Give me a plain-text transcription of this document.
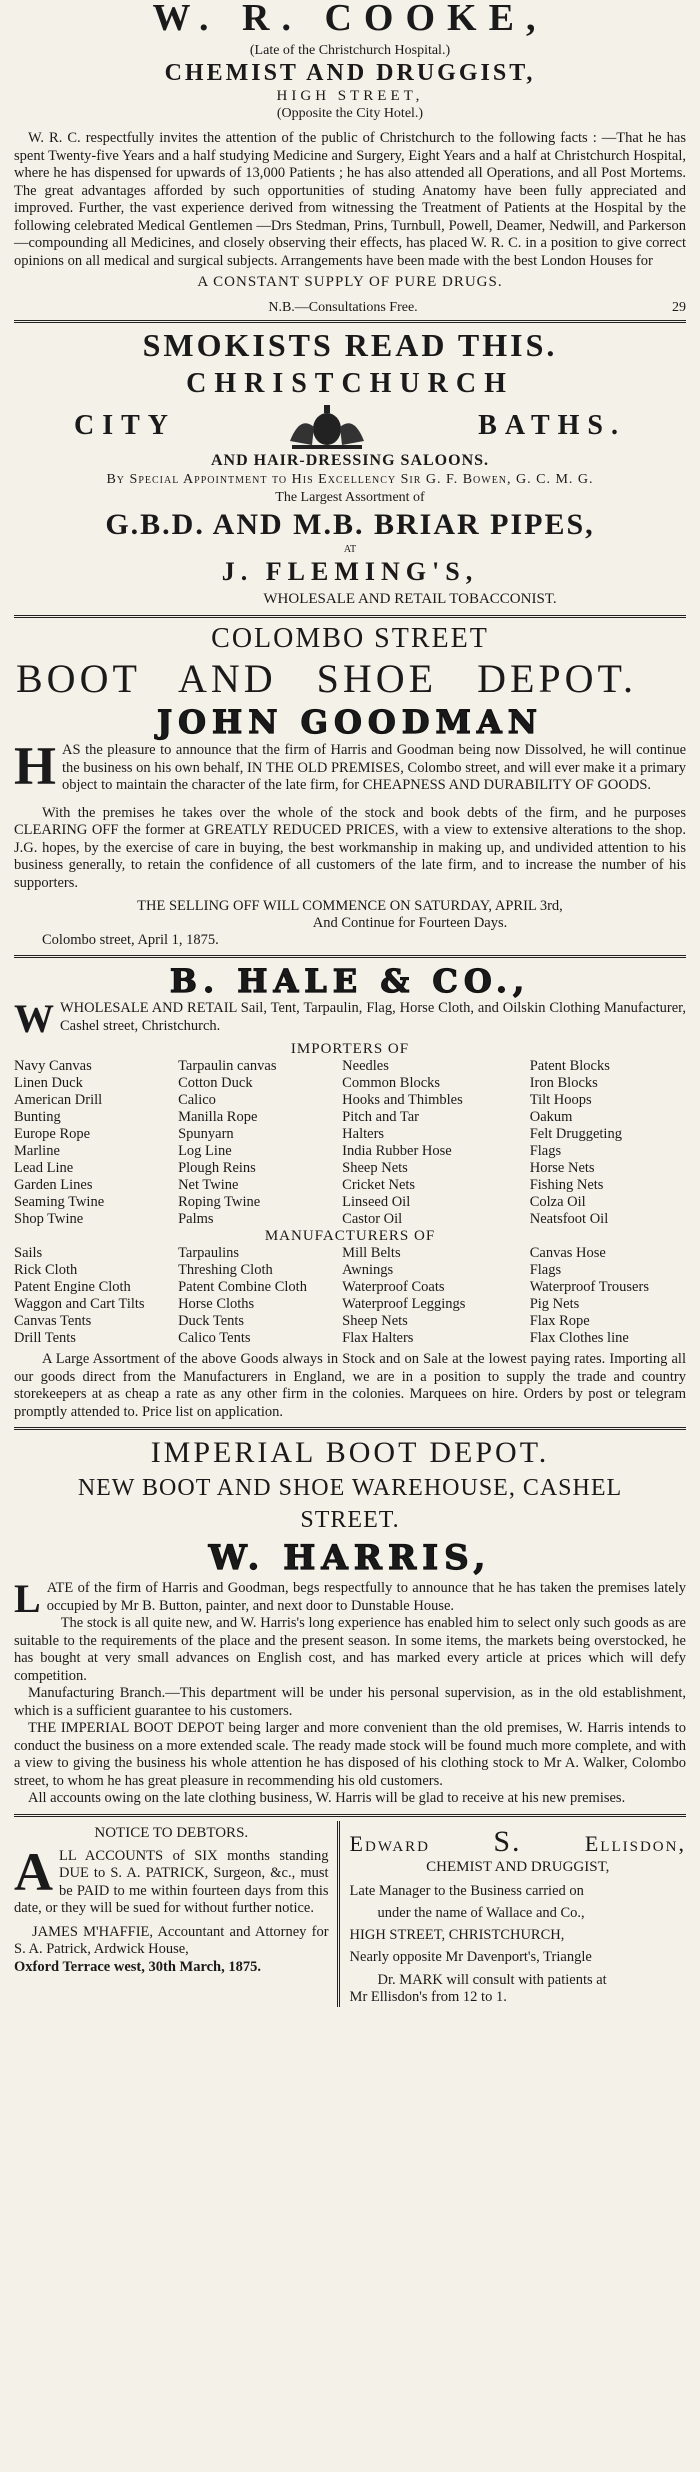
W. R. COOKE,
(Late of the Christchurch Hospital.)
CHEMIST AND DRUGGIST,
HIGH STREET,
(Opposite the City Hotel.)

W. R. C. respectfully invites the attention of the public of Christchurch to the following facts : —That he has spent Twenty-five Years and a half studying Medicine and Surgery, Eight Years and a half at Christchurch Hospital, where he has dispensed for upwards of 13,000 Patients ; he has also attended all Operations, and all Post Mortems. The great advantages afforded by such opportunities of studing Anatomy have been fully appreciated and improved. Further, the vast experience derived from witnessing the Treatment of Patients at the Hospital by the following celebrated Medical Gentlemen —Drs Stedman, Prins, Turnbull, Powell, Deamer, Nedwill, and Parkerson—compounding all Medicines, and closely observing their effects, has placed W. R. C. in a position to give correct opinions on all medical and surgical subjects. Arrangements have been made with the best London Houses for

A CONSTANT SUPPLY OF PURE DRUGS.
N.B.—Consultations Free.	29
SMOKISTS READ THIS.
CHRISTCHURCH
CITY	BATHS.
AND HAIR-DRESSING SALOONS.
By Special Appointment to His Excellency Sir G. F. Bowen, G. C. M. G.
The Largest Assortment of
G.B.D. AND M.B. BRIAR PIPES,
AT
J. FLEMING'S,
WHOLESALE AND RETAIL TOBACCONIST.
COLOMBO STREET
BOOT AND SHOE DEPOT.
JOHN GOODMAN

HAS the pleasure to announce that the firm of Harris and Goodman being now Dissolved, he will continue the business on his own behalf, IN THE OLD PREMISES, Colombo street, and will ever make it a primary object to maintain the character of the late firm, for CHEAPNESS AND DURABILITY OF GOODS.

With the premises he takes over the whole of the stock and book debts of the firm, and he purposes CLEARING OFF the former at GREATLY REDUCED PRICES, with a view to extensive alterations to the shop. J.G. hopes, by the exercise of care in buying, the best workmanship in making up, and undivided attention to his business generally, to retain the confidence of all customers of the late firm, and to increase the number of his supporters.

THE SELLING OFF WILL COMMENCE ON SATURDAY, APRIL 3rd,
And Continue for Fourteen Days.
Colombo street, April 1, 1875.
B. HALE & CO.,

WWHOLESALE AND RETAIL Sail, Tent, Tarpaulin, Flag, Horse Cloth, and Oilskin Clothing Manufacturer, Cashel street, Christchurch.

IMPORTERS OF
Navy Canvas	Tarpaulin canvas	Needles	Patent Blocks
Linen Duck	Cotton Duck	Common Blocks	Iron Blocks
American Drill	Calico	Hooks and Thimbles	Tilt Hoops
Bunting	Manilla Rope	Pitch and Tar	Oakum
Europe Rope	Spunyarn	Halters	Felt Druggeting
Marline	Log Line	India Rubber Hose	Flags
Lead Line	Plough Reins	Sheep Nets	Horse Nets
Garden Lines	Net Twine	Cricket Nets	Fishing Nets
Seaming Twine	Roping Twine	Linseed Oil	Colza Oil
Shop Twine	Palms	Castor Oil	Neatsfoot Oil
MANUFACTURERS OF
Sails	Tarpaulins	Mill Belts	Canvas Hose
Rick Cloth	Threshing Cloth	Awnings	Flags
Patent Engine Cloth	Patent Combine Cloth	Waterproof Coats	Waterproof Trousers
Waggon and Cart Tilts	Horse Cloths	Waterproof Leggings	Pig Nets
Canvas Tents	Duck Tents	Sheep Nets	Flax Rope
Drill Tents	Calico Tents	Flax Halters	Flax Clothes line

A Large Assortment of the above Goods always in Stock and on Sale at the lowest paying rates. Importing all our goods direct from the Manufacturers in England, we are in a position to supply the trade and country storekeepers at as cheap a rate as any other firm in the colonies. Marquees on hire. Orders by post or telegram promptly attended to. Price list on application.

IMPERIAL BOOT DEPOT.
NEW BOOT AND SHOE WAREHOUSE, CASHEL STREET.
W. HARRIS,

LATE of the firm of Harris and Goodman, begs respectfully to announce that he has taken the premises lately occupied by Mr B. Button, painter, and next door to Dunstable House.

The stock is all quite new, and W. Harris's long experience has enabled him to select only such goods as are suitable to the requirements of the place and the present season. In some items, the markets being overstocked, he has bought at very small advances on English cost, and has marked every article at prices which will defy competition.

Manufacturing Branch.—This department will be under his personal supervision, as in the old establishment, which is a sufficient guarantee to his customers.

THE IMPERIAL BOOT DEPOT being larger and more convenient than the old premises, W. Harris intends to conduct the business on a more extended scale. The ready made stock will be found much more complete, and with a view to giving the business his whole attention he has disposed of his clothing stock to Mr A. Walker, Colombo street, to whom he has great pleasure in recommending his old customers.

All accounts owing on the late clothing business, W. Harris will be glad to receive at his new premises.

NOTICE TO DEBTORS.

ALL ACCOUNTS of SIX months standing DUE to S. A. PATRICK, Surgeon, &c., must be PAID to me within fourteen days from this date, or they will be sued for without further notice.

JAMES M'HAFFIE, Accountant and Attorney for S. A. Patrick, Ardwick House,

Oxford Terrace west, 30th March, 1875.

Edward S.	Ellisdon,
CHEMIST AND DRUGGIST,
Late Manager to the Business carried on
under the name of Wallace and Co.,
HIGH STREET, CHRISTCHURCH,
Nearly opposite Mr Davenport's, Triangle
Dr. MARK will consult with patients at
Mr Ellisdon's from 12 to 1.
